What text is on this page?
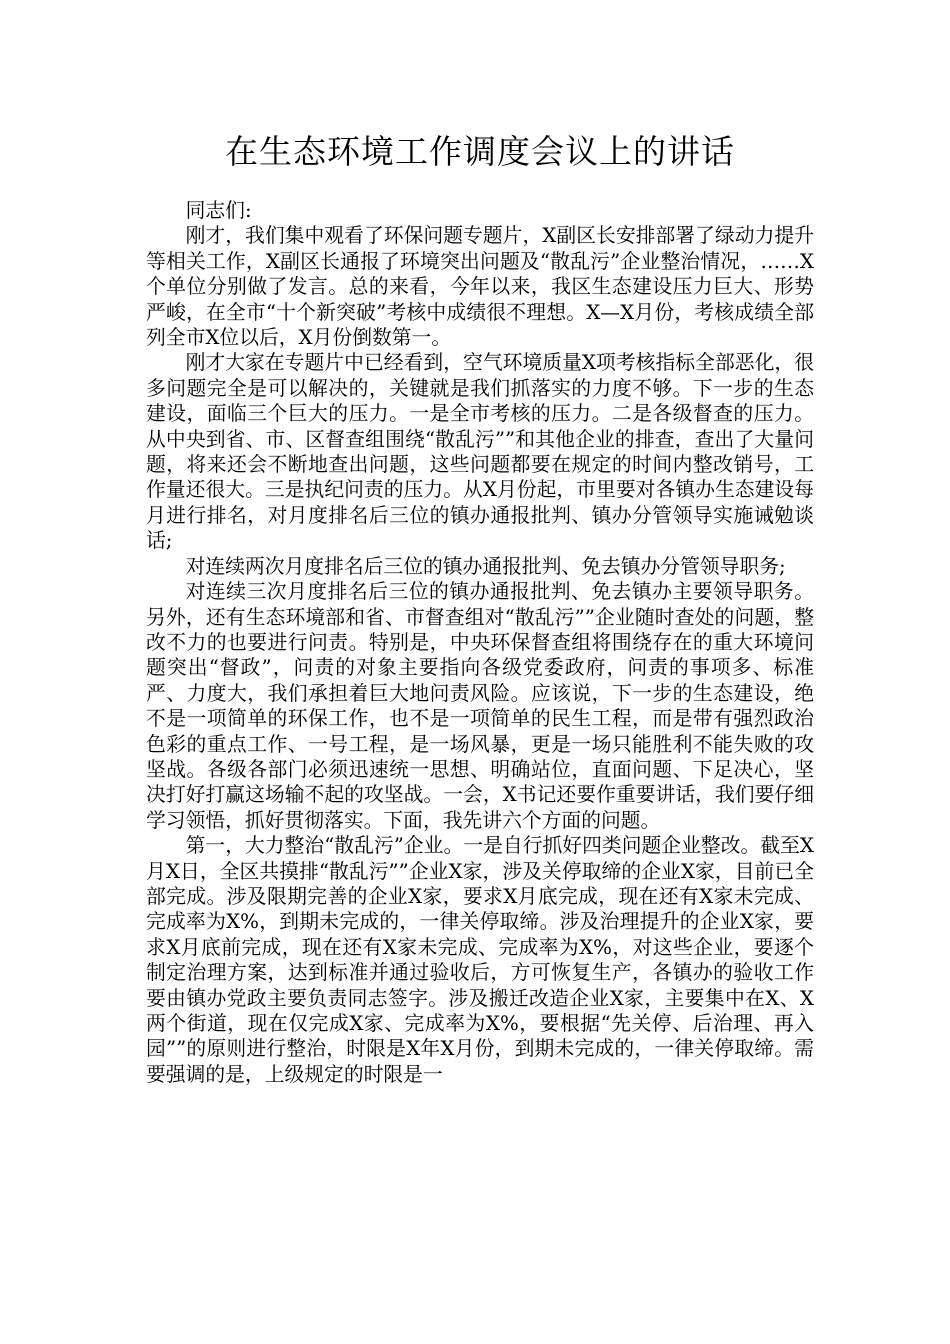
在生态环境工作调度会议上的讲话

同志们:

刚才，我们集中观看了环保问题专题片，X副区长安排部署了绿动力提升等相关工作，X副区长通报了环境突出问题及“散乱污”企业整治情况，……X个单位分别做了发言。总的来看，今年以来，我区生态建设压力巨大、形势严峻，在全市“十个新突破”考核中成绩很不理想。X—X月份，考核成绩全部列全市X位以后，X月份倒数第一。

刚才大家在专题片中已经看到，空气环境质量X项考核指标全部恶化，很多问题完全是可以解决的，关键就是我们抓落实的力度不够。下一步的生态建设，面临三个巨大的压力。一是全市考核的压力。二是各级督查的压力。从中央到省、市、区督查组围绕“散乱污””和其他企业的排查，查出了大量问题，将来还会不断地查出问题，这些问题都要在规定的时间内整改销号，工作量还很大。三是执纪问责的压力。从X月份起，市里要对各镇办生态建设每月进行排名，对月度排名后三位的镇办通报批判、镇办分管领导实施诫勉谈话;

对连续两次月度排名后三位的镇办通报批判、免去镇办分管领导职务;

对连续三次月度排名后三位的镇办通报批判、免去镇办主要领导职务。另外，还有生态环境部和省、市督查组对“散乱污””企业随时查处的问题，整改不力的也要进行问责。特别是，中央环保督查组将围绕存在的重大环境问题突出“督政”，问责的对象主要指向各级党委政府，问责的事项多、标准严、力度大，我们承担着巨大地问责风险。应该说，下一步的生态建设，绝不是一项简单的环保工作，也不是一项简单的民生工程，而是带有强烈政治色彩的重点工作、一号工程，是一场风暴，更是一场只能胜利不能失败的攻坚战。各级各部门必须迅速统一思想、明确站位，直面问题、下足决心，坚决打好打赢这场输不起的攻坚战。一会，X书记还要作重要讲话，我们要仔细学习领悟，抓好贯彻落实。下面，我先讲六个方面的问题。

第一，大力整治“散乱污”企业。一是自行抓好四类问题企业整改。截至X月X日，全区共摸排“散乱污””企业X家，涉及关停取缔的企业X家，目前已全部完成。涉及限期完善的企业X家，要求X月底完成，现在还有X家未完成、完成率为X%，到期未完成的，一律关停取缔。涉及治理提升的企业X家，要求X月底前完成，现在还有X家未完成、完成率为X%，对这些企业，要逐个制定治理方案，达到标准并通过验收后，方可恢复生产，各镇办的验收工作要由镇办党政主要负责同志签字。涉及搬迁改造企业X家，主要集中在X、X两个街道，现在仅完成X家、完成率为X%，要根据“先关停、后治理、再入园””的原则进行整治，时限是X年X月份，到期未完成的，一律关停取缔。需要强调的是，上级规定的时限是一
